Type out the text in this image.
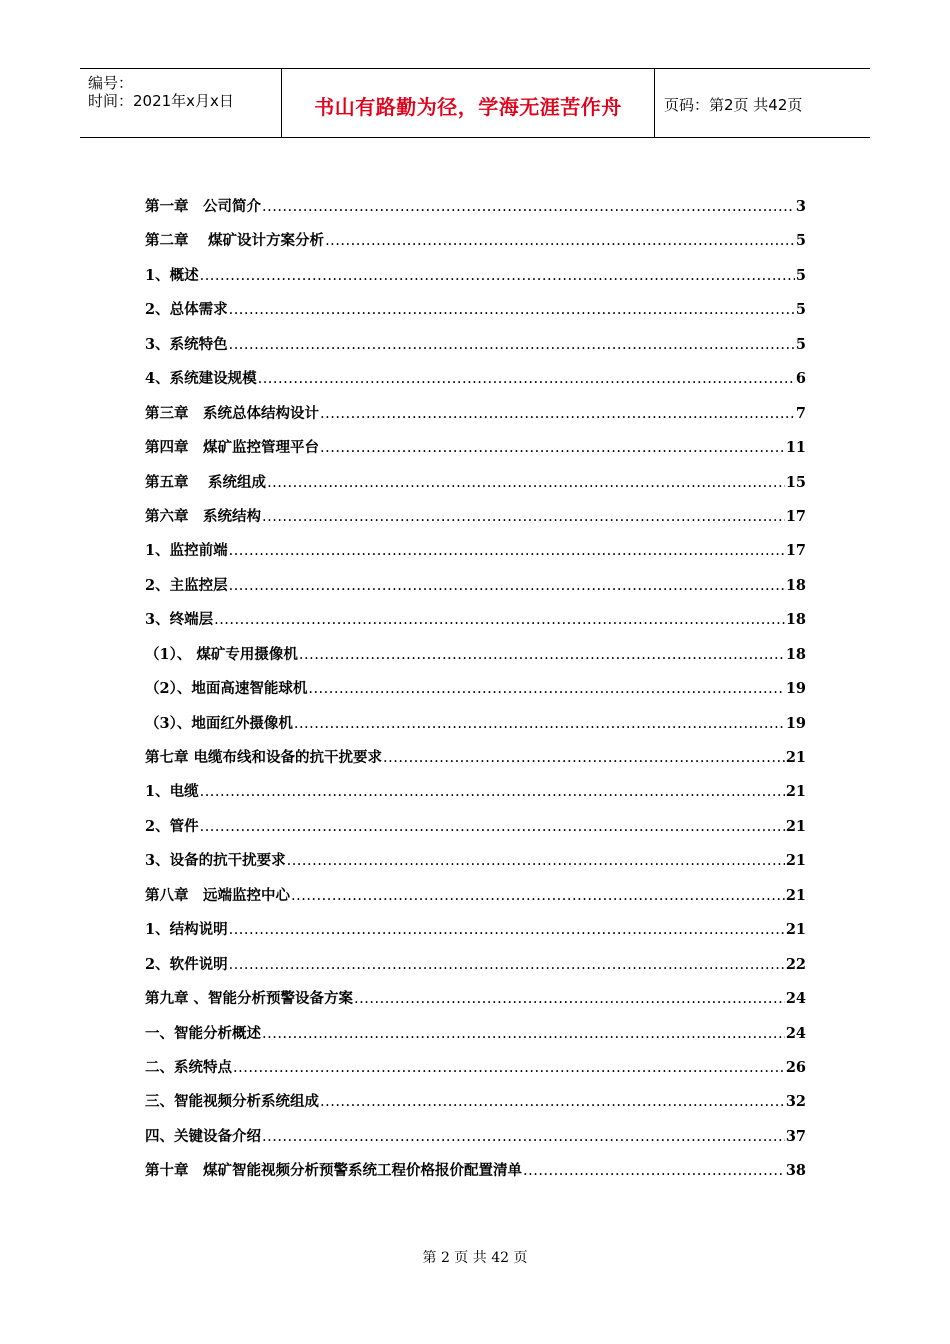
编号：
时间：2021年x月x日	书山有路勤为径，学海无涯苦作舟	页码：第2页 共42页
第一章　公司简介 .....	3
第二章　 煤矿设计方案分析 .....	5
1、概述 .....	5
2、总体需求 .....	5
3、系统特色 .....	5
4、系统建设规模 .....	6
第三章　系统总体结构设计 .....	7
第四章　煤矿监控管理平台 .....	11
第五章　 系统组成 .....	15
第六章　系统结构 .....	17
1、监控前端 .....	17
2、主监控层 .....	18
3、终端层 .....	18
（1）、 煤矿专用摄像机 .....	18
（2）、地面高速智能球机 .....	19
（3）、地面红外摄像机 .....	19
第七章 电缆布线和设备的抗干扰要求 .....	21
1、电缆 .....	21
2、管件 .....	21
3、设备的抗干扰要求 .....	21
第八章　远端监控中心 .....	21
1、结构说明 .....	21
2、软件说明 .....	22
第九章 、智能分析预警设备方案 .....	24
一、智能分析概述 .....	24
二、系统特点 .....	26
三、智能视频分析系统组成 .....	32
四、关键设备介绍 .....	37
第十章　煤矿智能视频分析预警系统工程价格报价配置清单 .....	38
第 2 页 共 42 页
